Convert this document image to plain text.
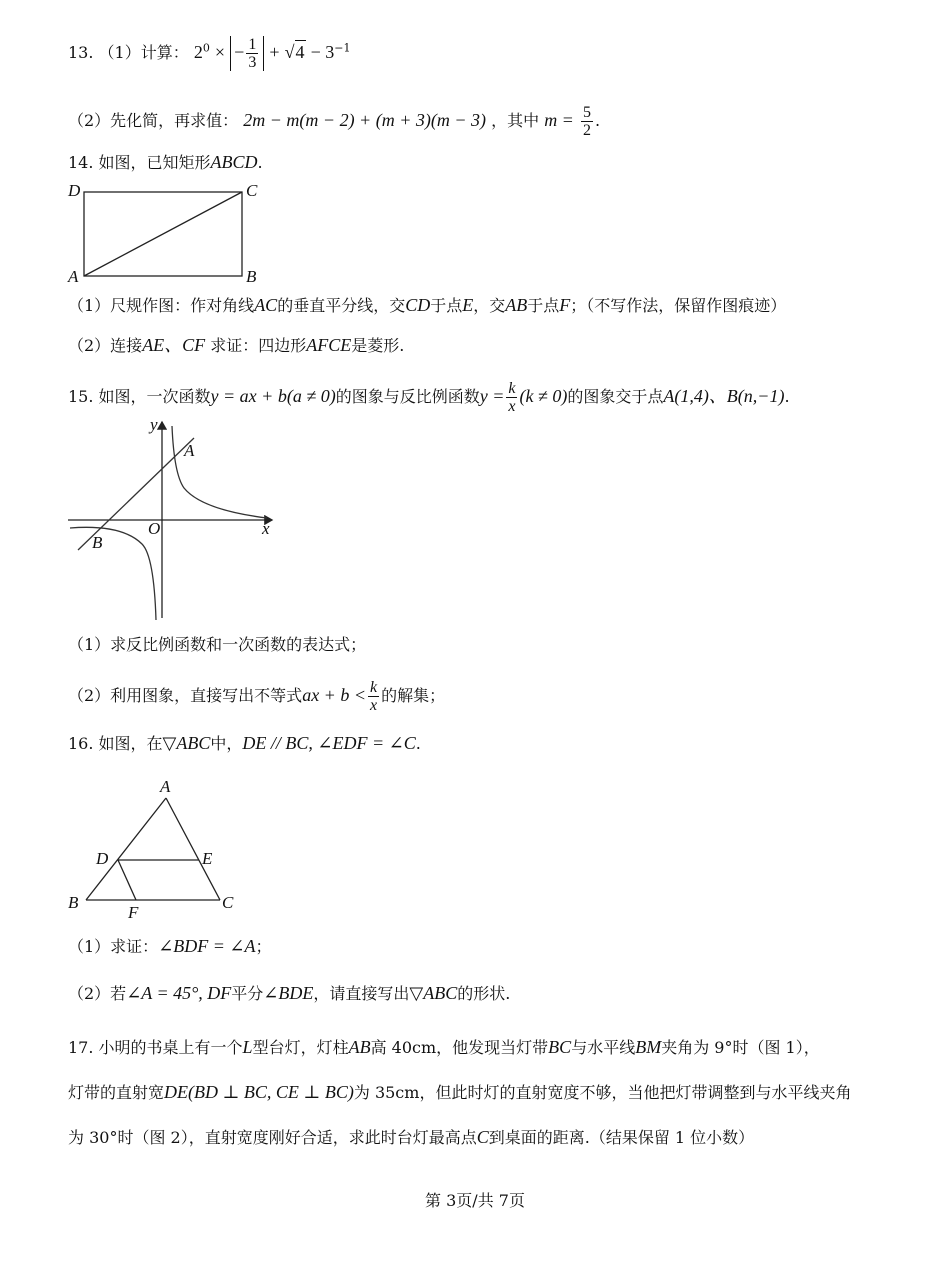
13. （1）计算： $2^0$ × − $\frac{1}{3} + √4 - 3^{-1}$
（2）先化简，再求值： 2m − m(m − 2) + (m + 3)(m − 3) ，其中 $m = \frac{5}{2}$ .
14. 如图，已知矩形ABCD.
D	C
A	B
（1）尺规作图：作对角线AC的垂直平分线，交CD于点E，交AB于点F；（不写作法，保留作图痕迹）
（2）连接AE、CF 求证：四边形AFCE是菱形.
15. 如图，一次函数y = ax + b(a ≠ 0)的图象与反比例函数$y = \frac{k}{x} (k \ne 0)$的图象交于点A(1,4)、B(n,−1).
y
A
O	x
B
（1）求反比例函数和一次函数的表达式；
（2）利用图象，直接写出不等式ax + $b < \frac{k}{x}$ 的解集；
16. 如图，在▽ABC中，DE // BC, ∠EDF = ∠C.
A
D	E
B
F
C
（1）求证：∠BDF = ∠A；
（2）若∠A = 45°, DF平分∠BDE，请直接写出▽ABC的形状.
17. 小明的书桌上有一个L型台灯，灯柱AB高 40cm，他发现当灯带BC与水平线BM夹角为 9°时（图 1），
灯带的直射宽DE(BD ⊥ BC, CE ⊥ BC)为 35cm，但此时灯的直射宽度不够，当他把灯带调整到与水平线夹角
为 30°时（图 2），直射宽度刚好合适，求此时台灯最高点C到桌面的距离.（结果保留 1 位小数）
第 3页/共 7页
